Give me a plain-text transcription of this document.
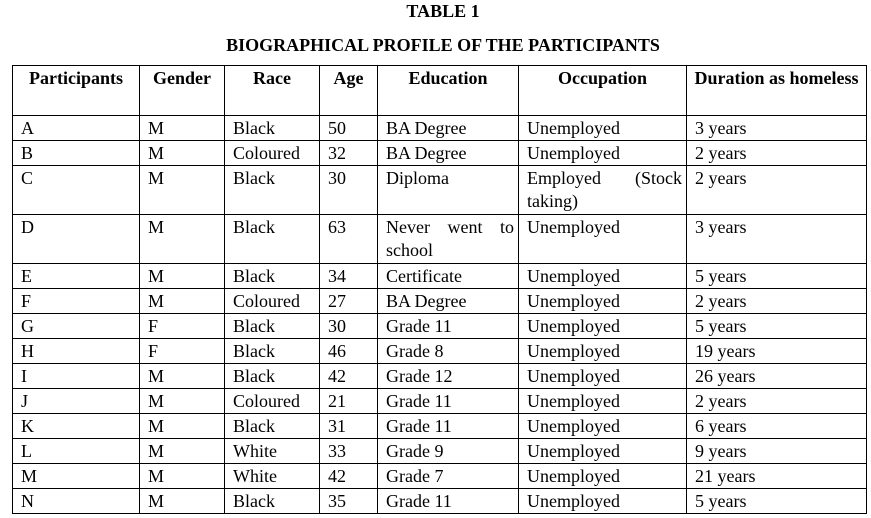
TABLE 1
BIOGRAPHICAL PROFILE OF THE PARTICIPANTS
Participants	Gender	Race	Age	Education	Occupation	Duration as homeless
A	M	Black	50	BA Degree	Unemployed	3 years
B	M	Coloured	32	BA Degree	Unemployed	2 years
C	M	Black	30	Diploma	Employed (Stock taking)	2 years
D	M	Black	63	Never went to school	Unemployed	3 years
E	M	Black	34	Certificate	Unemployed	5 years
F	M	Coloured	27	BA Degree	Unemployed	2 years
G	F	Black	30	Grade 11	Unemployed	5 years
H	F	Black	46	Grade 8	Unemployed	19 years
I	M	Black	42	Grade 12	Unemployed	26 years
J	M	Coloured	21	Grade 11	Unemployed	2 years
K	M	Black	31	Grade 11	Unemployed	6 years
L	M	White	33	Grade 9	Unemployed	9 years
M	M	White	42	Grade 7	Unemployed	21 years
N	M	Black	35	Grade 11	Unemployed	5 years
